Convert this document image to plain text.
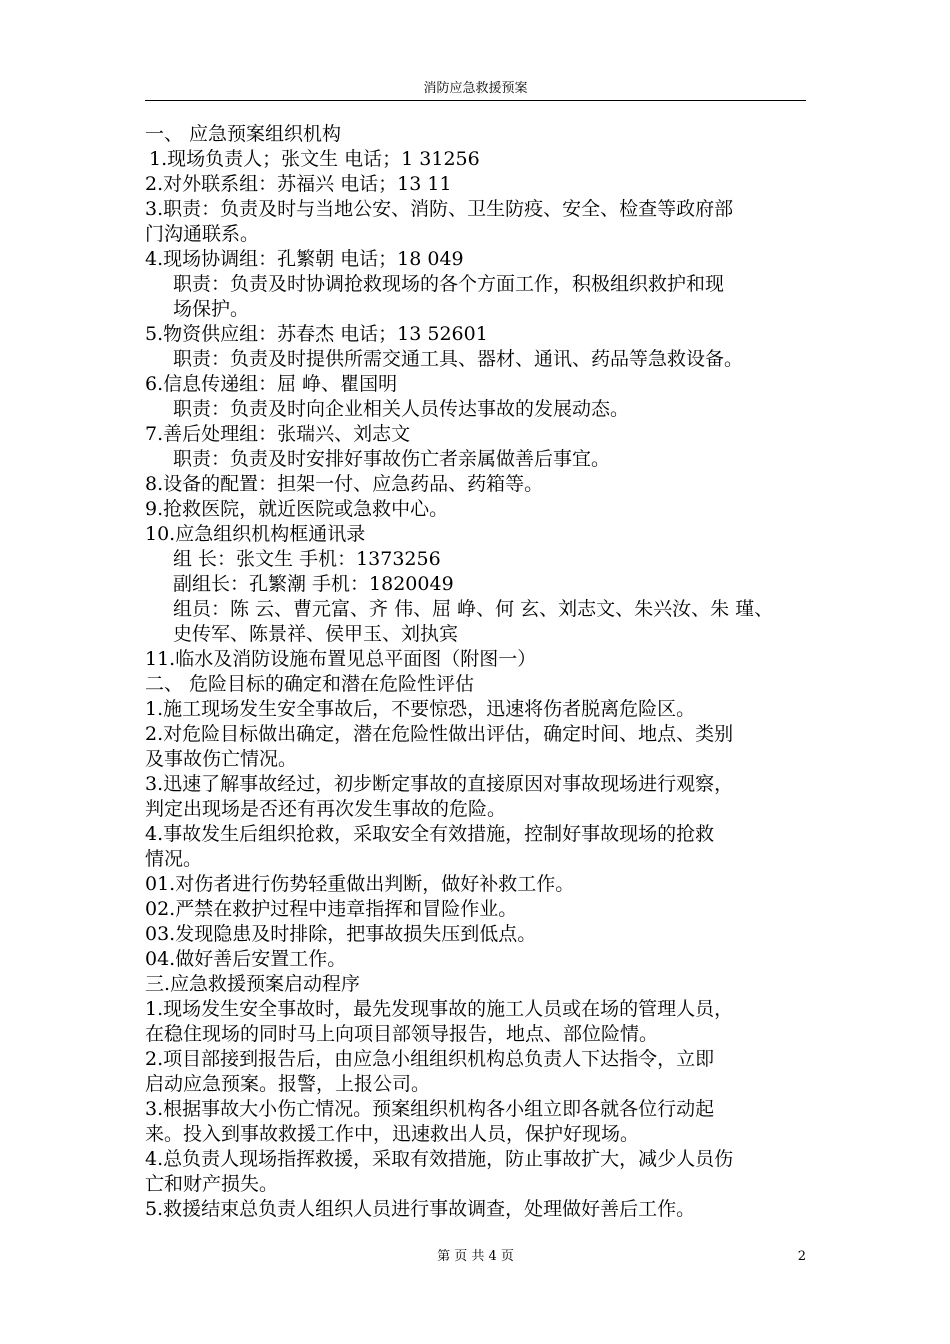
消防应急救援预案
一、 应急预案组织机构
1.现场负责人；张文生 电话；1 31256
2.对外联系组：苏福兴 电话；13 11
3.职责：负责及时与当地公安、消防、卫生防疫、安全、检查等政府部
门沟通联系。
4.现场协调组：孔繁朝 电话；18 049
职责：负责及时协调抢救现场的各个方面工作，积极组织救护和现
场保护。
5.物资供应组：苏春杰 电话；13 52601
职责：负责及时提供所需交通工具、器材、通讯、药品等急救设备。
6.信息传递组：屈 峥、瞿国明
职责：负责及时向企业相关人员传达事故的发展动态。
7.善后处理组：张瑞兴、刘志文
职责：负责及时安排好事故伤亡者亲属做善后事宜。
8.设备的配置：担架一付、应急药品、药箱等。
9.抢救医院，就近医院或急救中心。
10.应急组织机构框通讯录
组 长：张文生 手机：1373256
副组长：孔繁潮 手机：1820049
组员：陈 云、曹元富、齐 伟、屈 峥、何 玄、刘志文、朱兴汝、朱 瑾、
史传军、陈景祥、侯甲玉、刘执宾
11.临水及消防设施布置见总平面图（附图一）
二、 危险目标的确定和潜在危险性评估
1.施工现场发生安全事故后，不要惊恐，迅速将伤者脱离危险区。
2.对危险目标做出确定，潜在危险性做出评估，确定时间、地点、类别
及事故伤亡情况。
3.迅速了解事故经过，初步断定事故的直接原因对事故现场进行观察，
判定出现场是否还有再次发生事故的危险。
4.事故发生后组织抢救，采取安全有效措施，控制好事故现场的抢救
情况。
01.对伤者进行伤势轻重做出判断，做好补救工作。
02.严禁在救护过程中违章指挥和冒险作业。
03.发现隐患及时排除，把事故损失压到低点。
04.做好善后安置工作。
三.应急救援预案启动程序
1.现场发生安全事故时，最先发现事故的施工人员或在场的管理人员，
在稳住现场的同时马上向项目部领导报告，地点、部位险情。
2.项目部接到报告后，由应急小组组织机构总负责人下达指令，立即
启动应急预案。报警，上报公司。
3.根据事故大小伤亡情况。预案组织机构各小组立即各就各位行动起
来。投入到事故救援工作中，迅速救出人员，保护好现场。
4.总负责人现场指挥救援，采取有效措施，防止事故扩大，减少人员伤
亡和财产损失。
5.救援结束总负责人组织人员进行事故调查，处理做好善后工作。
第 页 共 4 页	2
